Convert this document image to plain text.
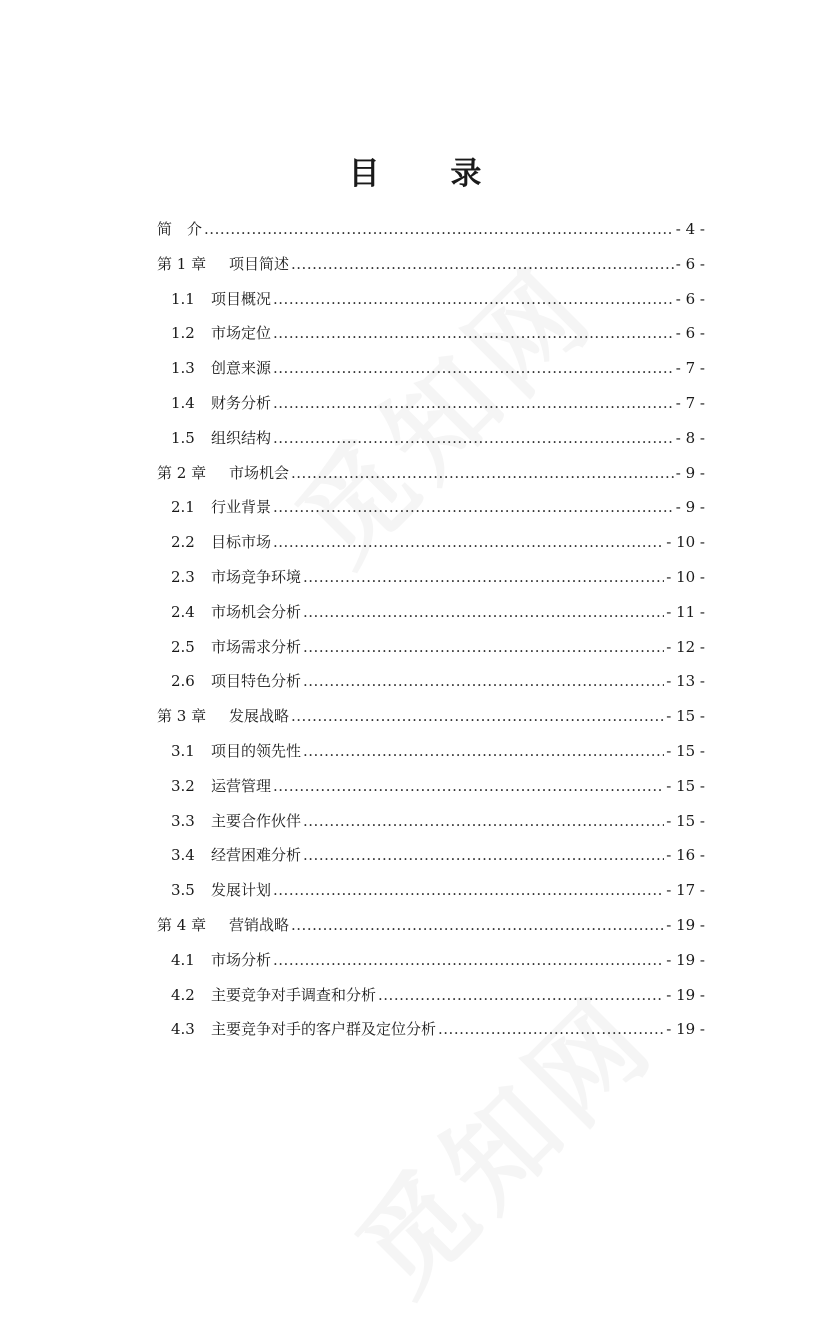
目 录
简 介 .....	- 4 -
第 1 章	项目简述 .....	- 6 -
1.1	项目概况 .....	- 6 -
1.2	市场定位 .....	- 6 -
1.3	创意来源 .....	- 7 -
1.4	财务分析 .....	- 7 -
1.5	组织结构 .....	- 8 -
第 2 章	市场机会 .....	- 9 -
2.1	行业背景 .....	- 9 -
2.2	目标市场 .....	- 10 -
2.3	市场竞争环境 .....	- 10 -
2.4	市场机会分析 .....	- 11 -
2.5	市场需求分析 .....	- 12 -
2.6	项目特色分析 .....	- 13 -
第 3 章	发展战略 .....	- 15 -
3.1	项目的领先性 .....	- 15 -
3.2	运营管理 .....	- 15 -
3.3	主要合作伙伴 .....	- 15 -
3.4	经营困难分析 .....	- 16 -
3.5	发展计划 .....	- 17 -
第 4 章	营销战略 .....	- 19 -
4.1	市场分析 .....	- 19 -
4.2	主要竞争对手调查和分析 .....	- 19 -
4.3	主要竞争对手的客户群及定位分析 .....	- 19 -
